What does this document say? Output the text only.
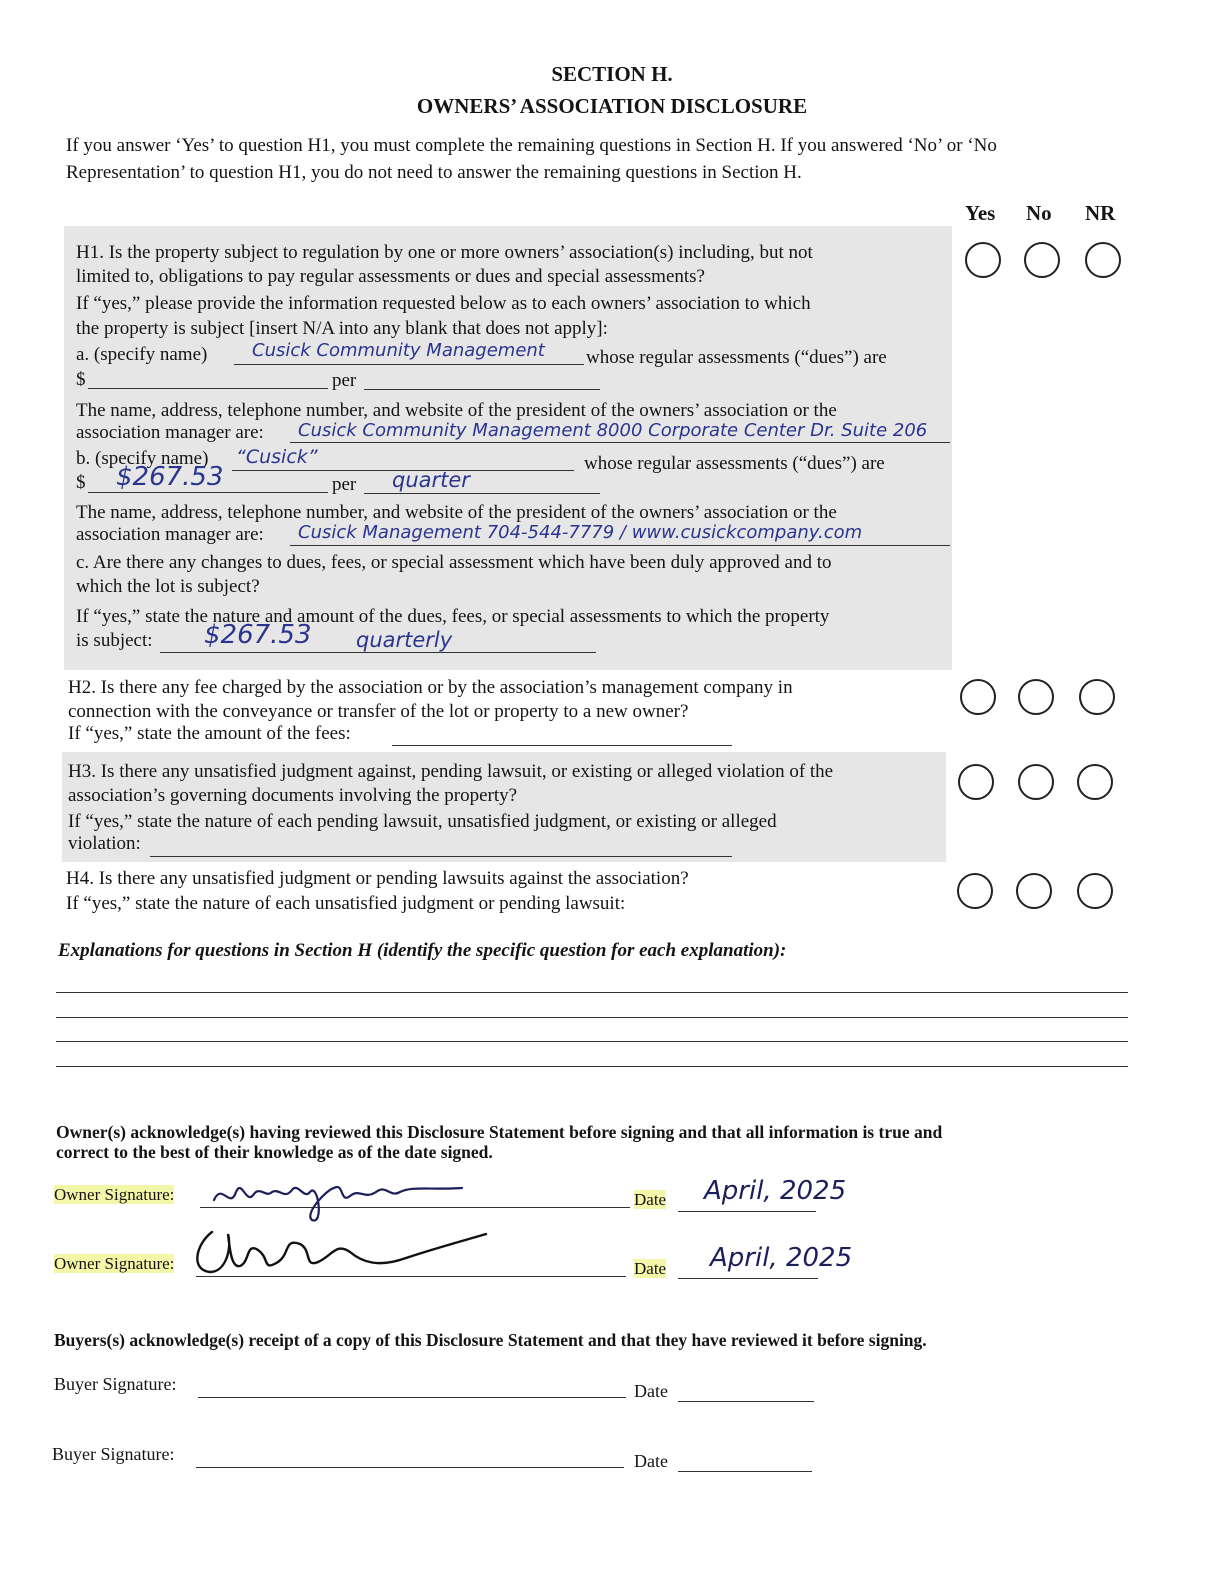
SECTION H.
OWNERS’ ASSOCIATION DISCLOSURE
If you answer ‘Yes’ to question H1, you must complete the remaining questions in Section H. If you answered ‘No’ or ‘No
Representation’ to question H1, you do not need to answer the remaining questions in Section H.
Yes No NR
H1. Is the property subject to regulation by one or more owners’ association(s) including, but not
limited to, obligations to pay regular assessments or dues and special assessments?
If “yes,” please provide the information requested below as to each owners’ association to which
the property is subject [insert N/A into any blank that does not apply]:
a. (specify name) Cusick Community Management whose regular assessments (“dues”) are
$	per
The name, address, telephone number, and website of the president of the owners’ association or the
association manager are: Cusick Community Management 8000 Corporate Center Dr. Suite 206
b. (specify name) “Cusick”	whose regular assessments (“dues”) are
$ $267.53	per quarter
The name, address, telephone number, and website of the president of the owners’ association or the
association manager are: Cusick Management 704-544-7779 / www.cusickcompany.com
c. Are there any changes to dues, fees, or special assessment which have been duly approved and to
which the lot is subject?
If “yes,” state the nature and amount of the dues, fees, or special assessments to which the property
is subject: $267.53 quarterly
H2. Is there any fee charged by the association or by the association’s management company in
connection with the conveyance or transfer of the lot or property to a new owner?
If “yes,” state the amount of the fees:
H3. Is there any unsatisfied judgment against, pending lawsuit, or existing or alleged violation of the
association’s governing documents involving the property?
If “yes,” state the nature of each pending lawsuit, unsatisfied judgment, or existing or alleged
violation:
H4. Is there any unsatisfied judgment or pending lawsuits against the association?
If “yes,” state the nature of each unsatisfied judgment or pending lawsuit:
Explanations for questions in Section H (identify the specific question for each explanation):
Owner(s) acknowledge(s) having reviewed this Disclosure Statement before signing and that all information is true and
correct to the best of their knowledge as of the date signed.
Owner Signature:	Date April, 2025
Owner Signature:	Date April, 2025
Buyers(s) acknowledge(s) receipt of a copy of this Disclosure Statement and that they have reviewed it before signing.
Buyer Signature:	Date
Buyer Signature:	Date
